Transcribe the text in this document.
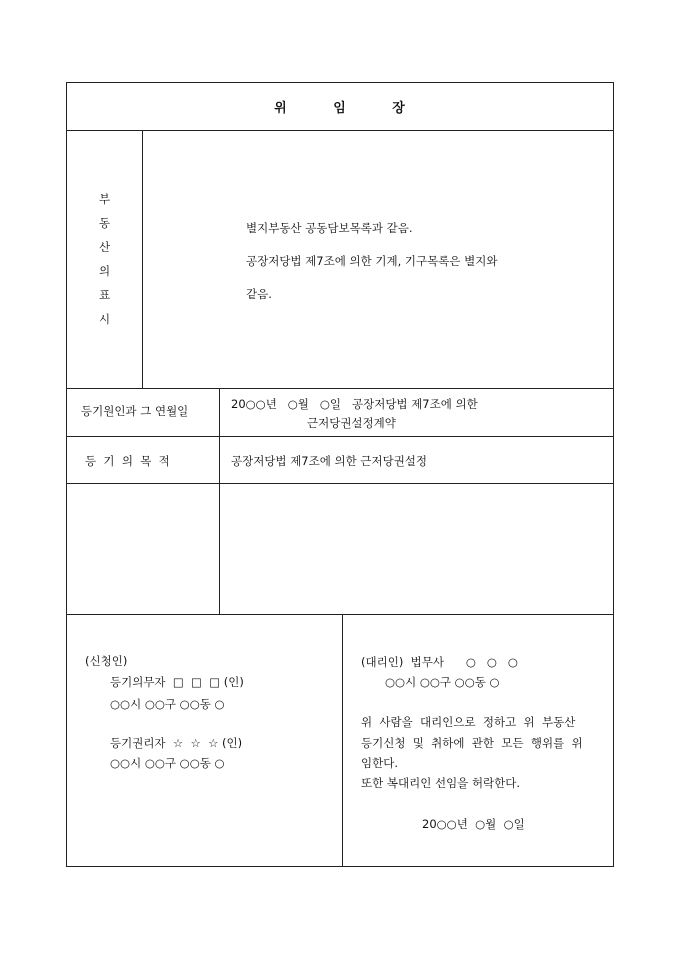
위 임 장
부
동
산
의
표
시
별지부동산 공동담보목록과 같음.
공장저당법 제7조에 의한 기계, 기구목록은 별지와
같음.
등기원인과 그 연월일	20○○년   ○월   ○일   공장저당법 제7조에 의한
근저당권설정계약
등  기  의  목  적	공장저당법 제7조에 의한 근저당권설정
(신청인)
등기의무자  □  □  □ (인)
○○시 ○○구 ○○동 ○
등기권리자  ☆  ☆  ☆ (인)
○○시 ○○구 ○○동 ○
(대리인)  법무사      ○   ○   ○
○○시 ○○구 ○○동 ○
위  사람을  대리인으로  정하고  위  부동산
등기신청  및  취하에  관한  모든  행위를  위
임한다.
또한 복대리인 선임을 허락한다.
20○○년  ○월  ○일
